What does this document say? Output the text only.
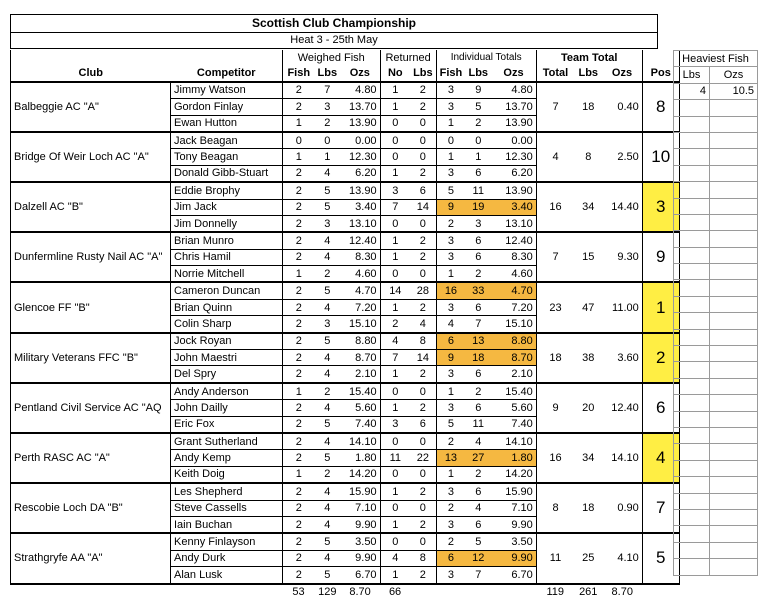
Scottish Club Championship
Heat 3 - 25th May
		Weighed Fish			Returned		Individual Totals			Team Total			
Club	Competitor	Fish	Lbs	Ozs	No	Lbs	Fish	Lbs	Ozs	Total	Lbs	Ozs	Pos
Balbeggie AC "A"	Jimmy Watson	2	7	4.80	1	2	3	9	4.80	7	18	0.40	8
	Gordon Finlay	2	3	13.70	1	2	3	5	13.70				
	Ewan Hutton	1	2	13.90	0	0	1	2	13.90				
Bridge Of Weir Loch AC "A"	Jack Beagan	0	0	0.00	0	0	0	0	0.00	4	8	2.50	10
	Tony Beagan	1	1	12.30	0	0	1	1	12.30				
	Donald Gibb-Stuart	2	4	6.20	1	2	3	6	6.20				
Dalzell AC "B"	Eddie Brophy	2	5	13.90	3	6	5	11	13.90	16	34	14.40	3
	Jim Jack	2	5	3.40	7	14	9	19	3.40				
	Jim Donnelly	2	3	13.10	0	0	2	3	13.10				
Dunfermline Rusty Nail AC "A"	Brian Munro	2	4	12.40	1	2	3	6	12.40	7	15	9.30	9
	Chris Hamil	2	4	8.30	1	2	3	6	8.30				
	Norrie Mitchell	1	2	4.60	0	0	1	2	4.60				
Glencoe FF "B"	Cameron Duncan	2	5	4.70	14	28	16	33	4.70	23	47	11.00	1
	Brian Quinn	2	4	7.20	1	2	3	6	7.20				
	Colin Sharp	2	3	15.10	2	4	4	7	15.10				
Military Veterans FFC "B"	Jock Royan	2	5	8.80	4	8	6	13	8.80	18	38	3.60	2
	John Maestri	2	4	8.70	7	14	9	18	8.70				
	Del Spry	2	4	2.10	1	2	3	6	2.10				
Pentland Civil Service AC "AQ	Andy Anderson	1	2	15.40	0	0	1	2	15.40	9	20	12.40	6
	John Dailly	2	4	5.60	1	2	3	6	5.60				
	Eric Fox	2	5	7.40	3	6	5	11	7.40				
Perth RASC AC "A"	Grant Sutherland	2	4	14.10	0	0	2	4	14.10	16	34	14.10	4
	Andy Kemp	2	5	1.80	11	22	13	27	1.80				
	Keith Doig	1	2	14.20	0	0	1	2	14.20				
Rescobie Loch DA "B"	Les Shepherd	2	4	15.90	1	2	3	6	15.90	8	18	0.90	7
	Steve Cassells	2	4	7.10	0	0	2	4	7.10				
	Iain Buchan	2	4	9.90	1	2	3	6	9.90				
Strathgryfe AA "A"	Kenny Finlayson	2	5	3.50	0	0	2	5	3.50	11	25	4.10	5
	Andy Durk	2	4	9.90	4	8	6	12	9.90				
	Alan Lusk	2	5	6.70	1	2	3	7	6.70				
		53	129	8.70	66					119	261	8.70	
Heaviest Fish	
Lbs	Ozs
4	10.5
